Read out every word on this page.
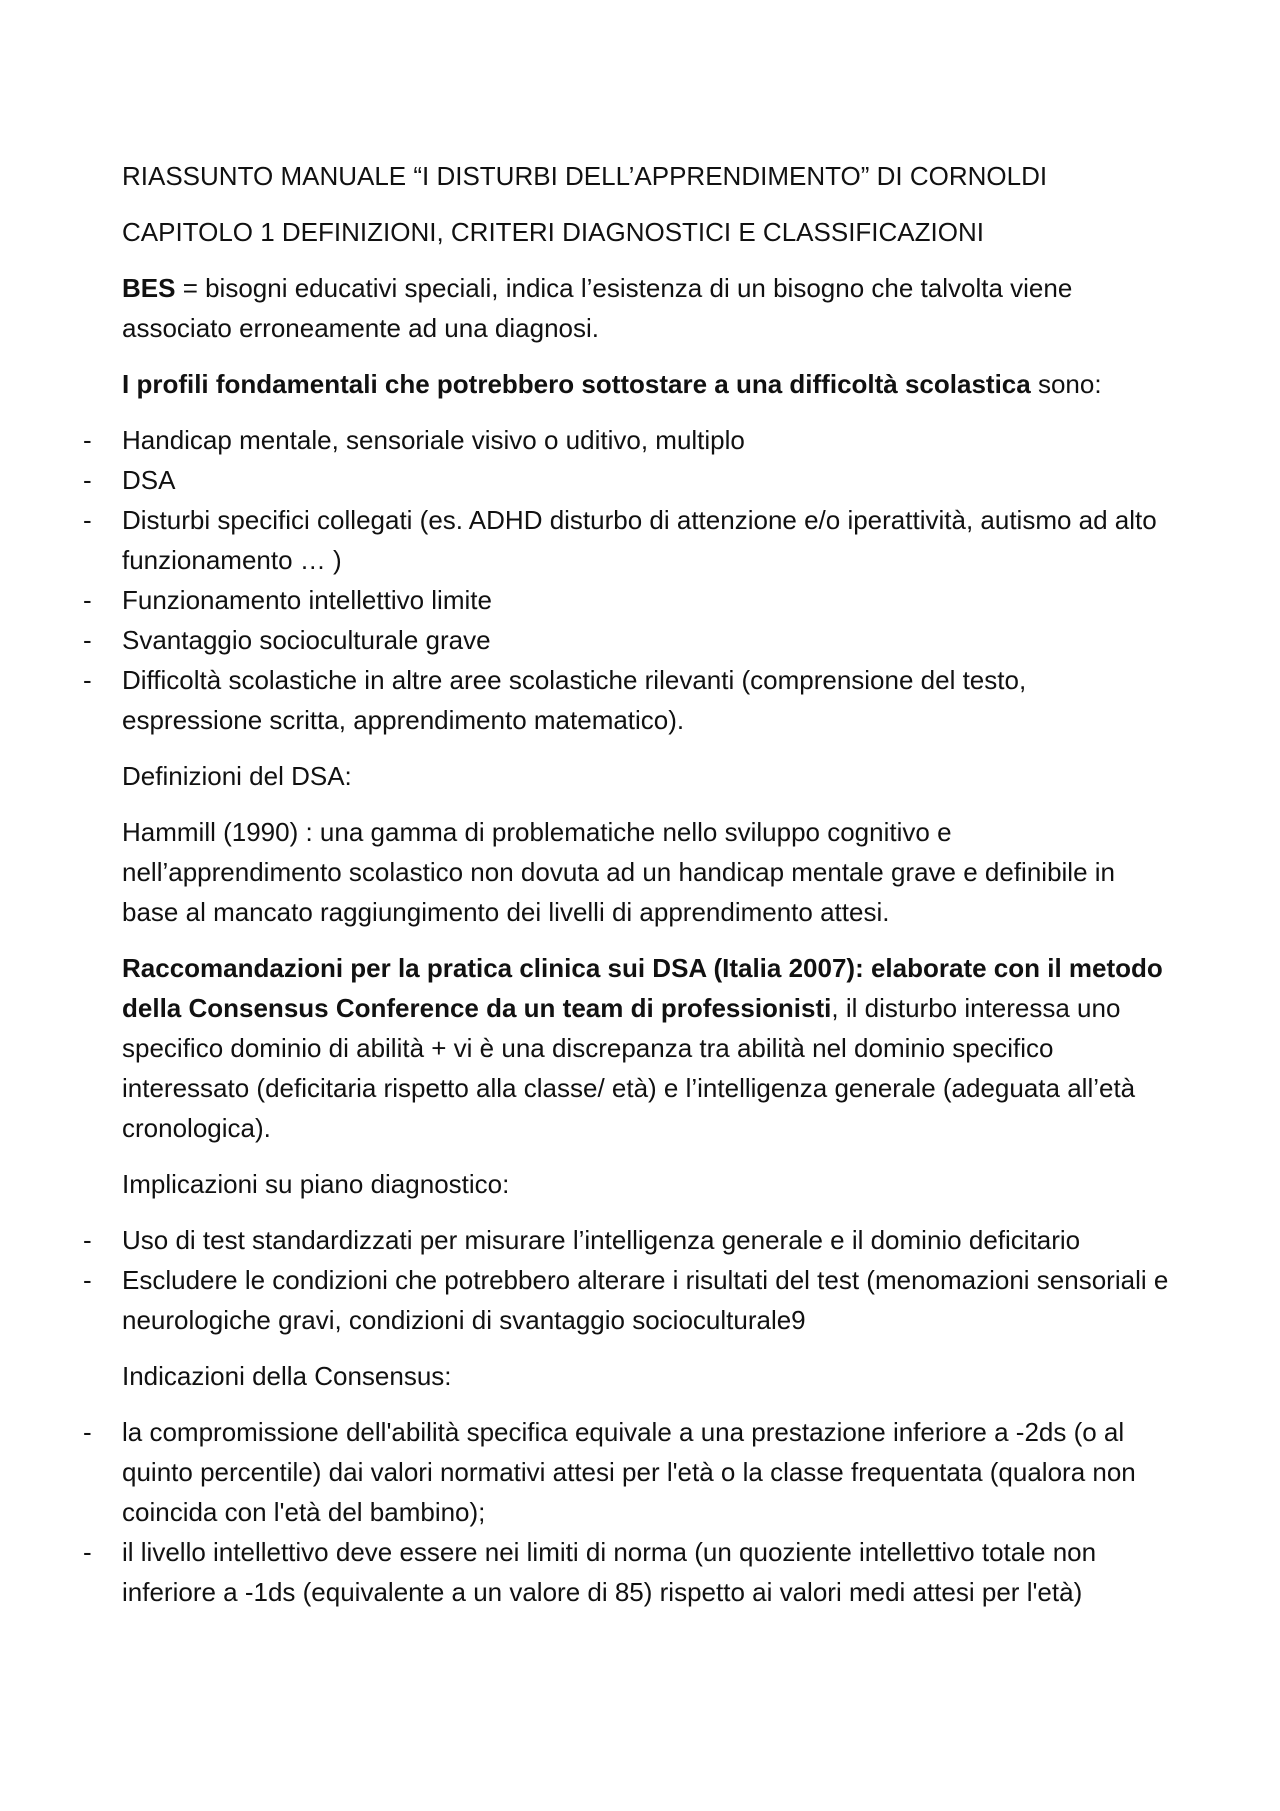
RIASSUNTO MANUALE “I DISTURBI DELL’APPRENDIMENTO” DI CORNOLDI

CAPITOLO 1 DEFINIZIONI, CRITERI DIAGNOSTICI E CLASSIFICAZIONI

BES = bisogni educativi speciali, indica l’esistenza di un bisogno che talvolta viene associato erroneamente ad una diagnosi.

I profili fondamentali che potrebbero sottostare a una difficoltà scolastica sono:

- Handicap mentale, sensoriale visivo o uditivo, multiplo
- DSA
- Disturbi specifici collegati (es. ADHD disturbo di attenzione e/o iperattività, autismo ad alto funzionamento … )
- Funzionamento intellettivo limite
- Svantaggio socioculturale grave
- Difficoltà scolastiche in altre aree scolastiche rilevanti (comprensione del testo, espressione scritta, apprendimento matematico).

Definizioni del DSA:

Hammill (1990) : una gamma di problematiche nello sviluppo cognitivo e nell’apprendimento scolastico non dovuta ad un handicap mentale grave e definibile in base al mancato raggiungimento dei livelli di apprendimento attesi.

Raccomandazioni per la pratica clinica sui DSA (Italia 2007): elaborate con il metodo della Consensus Conference da un team di professionisti, il disturbo interessa uno specifico dominio di abilità + vi è una discrepanza tra abilità nel dominio specifico interessato (deficitaria rispetto alla classe/ età) e l’intelligenza generale (adeguata all’età cronologica).

Implicazioni su piano diagnostico:

- Uso di test standardizzati per misurare l’intelligenza generale e il dominio deficitario
- Escludere le condizioni che potrebbero alterare i risultati del test (menomazioni sensoriali e neurologiche gravi, condizioni di svantaggio socioculturale9

Indicazioni della Consensus:

- la compromissione dell'abilità specifica equivale a una prestazione inferiore a -2ds (o al quinto percentile) dai valori normativi attesi per l'età o la classe frequentata (qualora non coincida con l'età del bambino);
- il livello intellettivo deve essere nei limiti di norma (un quoziente intellettivo totale non inferiore a -1ds (equivalente a un valore di 85) rispetto ai valori medi attesi per l'età)
